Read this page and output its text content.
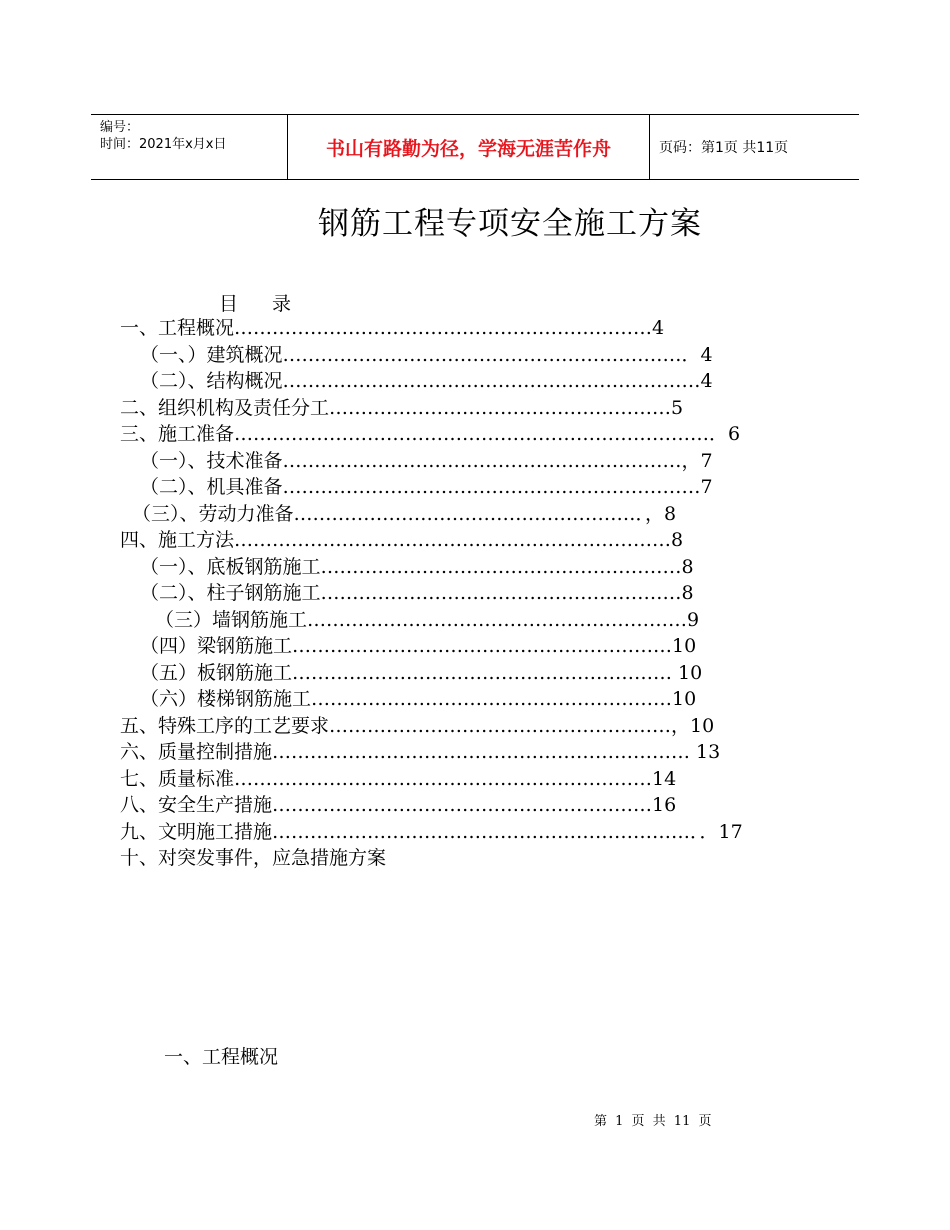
编号：
时间：2021年x月x日	书山有路勤为径，学海无涯苦作舟	页码：第1页 共11页
钢筋工程专项安全施工方案
目 录
一、工程概况…………………………………………………………4
（一、）建筑概况………………………………………………………．4
（二）、结构概况…………………………………………………………4
二、组织机构及责任分工………………………………………………5
三、施工准备…………………………………………………………………．6
（一）、技术准备………………………………………………………，7
（二）、机具准备…………………………………………………………7
（三）、劳动力准备………………………………………………．，8
四、施工方法……………………………………………………………8
（一）、底板钢筋施工…………………………………………………8
（二）、柱子钢筋施工…………………………………………………8
（三）墙钢筋施工……………………………………………………9
（四）梁钢筋施工……………………………………………………10
（五）板钢筋施工…………………………………………………… 10
（六）楼梯钢筋施工…………………………………………………10
五、特殊工序的工艺要求………………………………………………，10
六、质量控制措施………………………………………………………… 13
七、质量标准…………………………………………………………14
八、安全生产措施……………………………………………………16
九、文明施工措施…………………………………………………………．．17
十、对突发事件，应急措施方案
一、工程概况
第 1 页 共 11 页
